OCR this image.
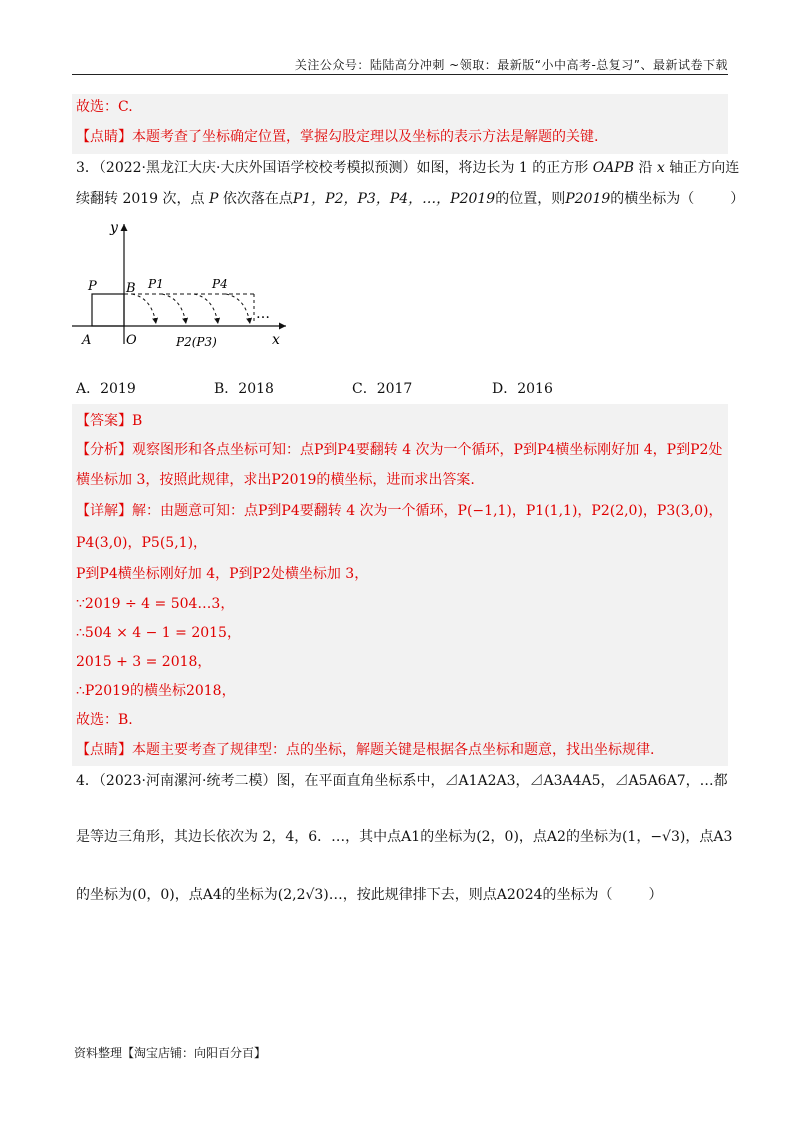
关注公众号：陆陆高分冲刺 ~领取：最新版“小中高考-总复习”、最新试卷下载
故选：C.
【点睛】本题考查了坐标确定位置，掌握勾股定理以及坐标的表示方法是解题的关键.
3．（2022·黑龙江大庆·大庆外国语学校校考模拟预测）如图，将边长为 1 的正方形 OAPB 沿 x 轴正方向连
续翻转 2019 次，点 P 依次落在点P1，P2，P3，P4，…，P2019的位置，则P2019的横坐标为（	）
y
x
P B
A	O
P1	P4
P2(P3)
…
A．2019	B．2018	C．2017	D．2016
【答案】B
【分析】观察图形和各点坐标可知：点P到P4要翻转 4 次为一个循环，P到P4横坐标刚好加 4，P到P2处
横坐标加 3，按照此规律，求出P2019的横坐标，进而求出答案.
【详解】解：由题意可知：点P到P4要翻转 4 次为一个循环，P(−1,1)，P1(1,1)，P2(2,0)，P3(3,0)，
P4(3,0)，P5(5,1)，
P到P4横坐标刚好加 4，P到P2处横坐标加 3，
∵2019 ÷ 4 = 504…3，
∴504 × 4 − 1 = 2015，
2015 + 3 = 2018，
∴P2019的横坐标2018，
故选：B.
【点睛】本题主要考查了规律型：点的坐标，解题关键是根据各点坐标和题意，找出坐标规律.
4．（2023·河南漯河·统考二模）图，在平面直角坐标系中，⊿A1A2A3，⊿A3A4A5，⊿A5A6A7，…都
是等边三角形，其边长依次为 2，4，6．…，其中点A1的坐标为(2，0)，点A2的坐标为(1，−√3)，点A3
的坐标为(0，0)，点A4的坐标为(2,2√3)…，按此规律排下去，则点A2024的坐标为（	）
资料整理【淘宝店铺：向阳百分百】
